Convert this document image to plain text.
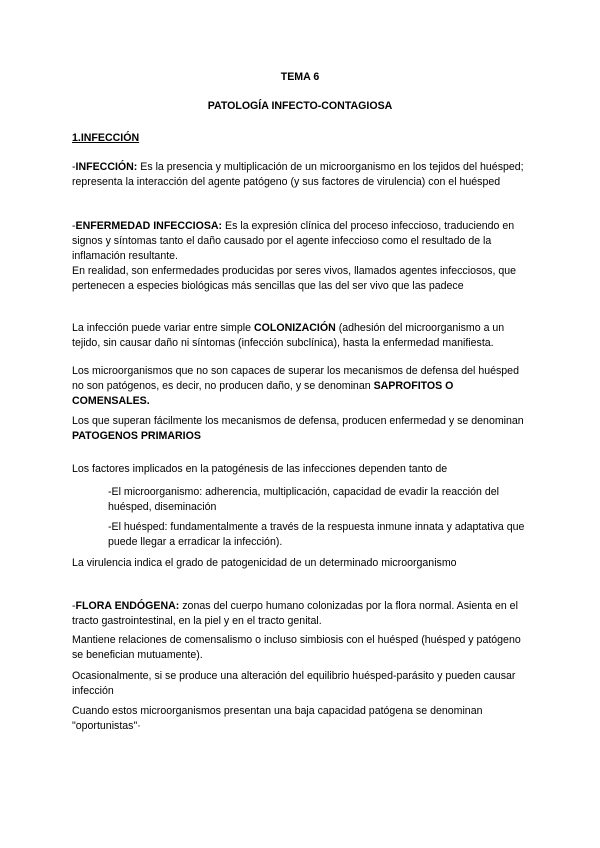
TEMA 6

PATOLOGÍA INFECTO-CONTAGIOSA

1.INFECCIÓN

-INFECCIÓN: Es la presencia y multiplicación de un microorganismo en los tejidos del huésped; representa la interacción del agente patógeno (y sus factores de virulencia) con el huésped

-ENFERMEDAD INFECCIOSA: Es la expresión clínica del proceso infeccioso, traduciendo en signos y síntomas tanto el daño causado por el agente infeccioso como el resultado de la inflamación resultante.
En realidad, son enfermedades producidas por seres vivos, llamados agentes infecciosos, que pertenecen a especies biológicas más sencillas que las del ser vivo que las padece

La infección puede variar entre simple COLONIZACIÓN (adhesión del microorganismo a un tejido, sin causar daño ni síntomas (infección subclínica), hasta la enfermedad manifiesta.

Los microorganismos que no son capaces de superar los mecanismos de defensa del huésped no son patógenos, es decir, no producen daño, y se denominan SAPROFITOS O COMENSALES.

Los que superan fácilmente los mecanismos de defensa, producen enfermedad y se denominan PATOGENOS PRIMARIOS

Los factores implicados en la patogénesis de las infecciones dependen tanto de

-El microorganismo: adherencia, multiplicación, capacidad de evadir la reacción del huésped, diseminación

-El huésped: fundamentalmente a través de la respuesta inmune innata y adaptativa que puede llegar a erradicar la infección).

La virulencia indica el grado de patogenicidad de un determinado microorganismo

-FLORA ENDÓGENA: zonas del cuerpo humano colonizadas por la flora normal. Asienta en el tracto gastrointestinal, en la piel y en el tracto genital.

Mantiene relaciones de comensalismo o incluso simbiosis con el huésped (huésped y patógeno se benefician mutuamente).

Ocasionalmente, si se produce una alteración del equilibrio huésped-parásito y pueden causar infección

Cuando estos microorganismos presentan una baja capacidad patógena se denominan "oportunistas"·
